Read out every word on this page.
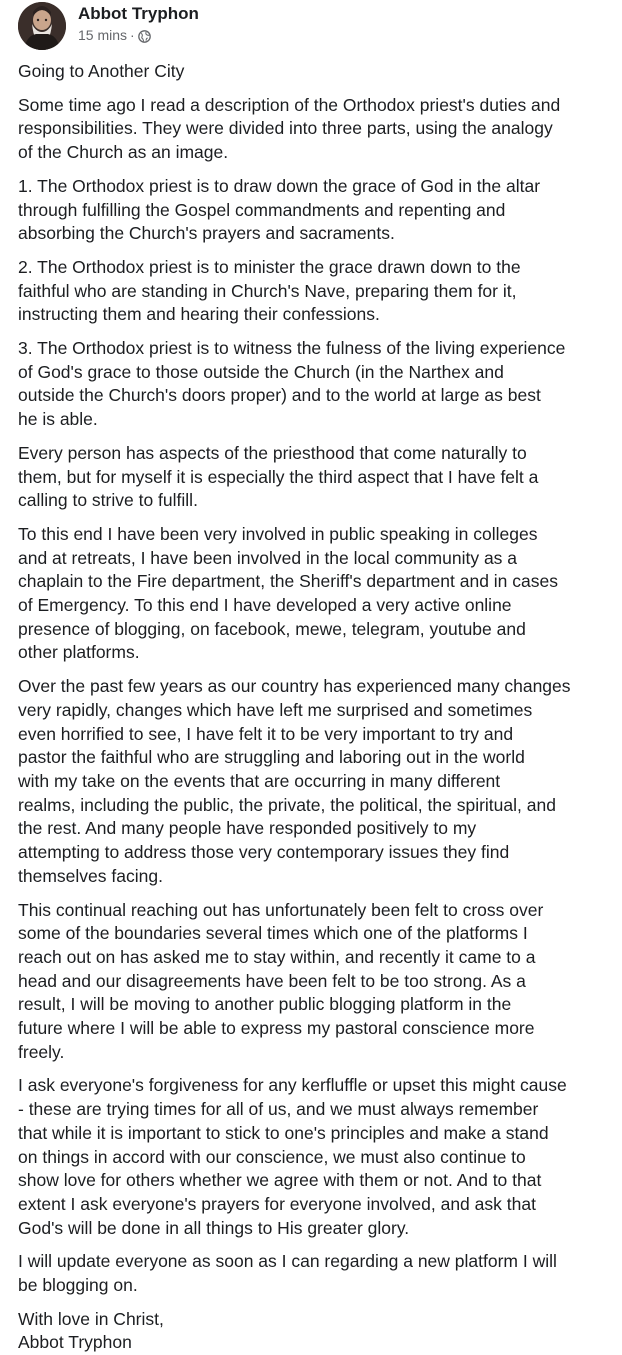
Abbot Tryphon
15 mins ·

Going to Another City

Some time ago I read a description of the Orthodox priest's duties and
responsibilities. They were divided into three parts, using the analogy
of the Church as an image.

1. The Orthodox priest is to draw down the grace of God in the altar
through fulfilling the Gospel commandments and repenting and
absorbing the Church's prayers and sacraments.

2. The Orthodox priest is to minister the grace drawn down to the
faithful who are standing in Church's Nave, preparing them for it,
instructing them and hearing their confessions.

3. The Orthodox priest is to witness the fulness of the living experience
of God's grace to those outside the Church (in the Narthex and
outside the Church's doors proper) and to the world at large as best
he is able.

Every person has aspects of the priesthood that come naturally to
them, but for myself it is especially the third aspect that I have felt a
calling to strive to fulfill.

To this end I have been very involved in public speaking in colleges
and at retreats, I have been involved in the local community as a
chaplain to the Fire department, the Sheriff's department and in cases
of Emergency. To this end I have developed a very active online
presence of blogging, on facebook, mewe, telegram, youtube and
other platforms.

Over the past few years as our country has experienced many changes
very rapidly, changes which have left me surprised and sometimes
even horrified to see, I have felt it to be very important to try and
pastor the faithful who are struggling and laboring out in the world
with my take on the events that are occurring in many different
realms, including the public, the private, the political, the spiritual, and
the rest. And many people have responded positively to my
attempting to address those very contemporary issues they find
themselves facing.

This continual reaching out has unfortunately been felt to cross over
some of the boundaries several times which one of the platforms I
reach out on has asked me to stay within, and recently it came to a
head and our disagreements have been felt to be too strong. As a
result, I will be moving to another public blogging platform in the
future where I will be able to express my pastoral conscience more
freely.

I ask everyone's forgiveness for any kerfluffle or upset this might cause
- these are trying times for all of us, and we must always remember
that while it is important to stick to one's principles and make a stand
on things in accord with our conscience, we must also continue to
show love for others whether we agree with them or not. And to that
extent I ask everyone's prayers for everyone involved, and ask that
God's will be done in all things to His greater glory.

I will update everyone as soon as I can regarding a new platform I will
be blogging on.

With love in Christ,
Abbot Tryphon
